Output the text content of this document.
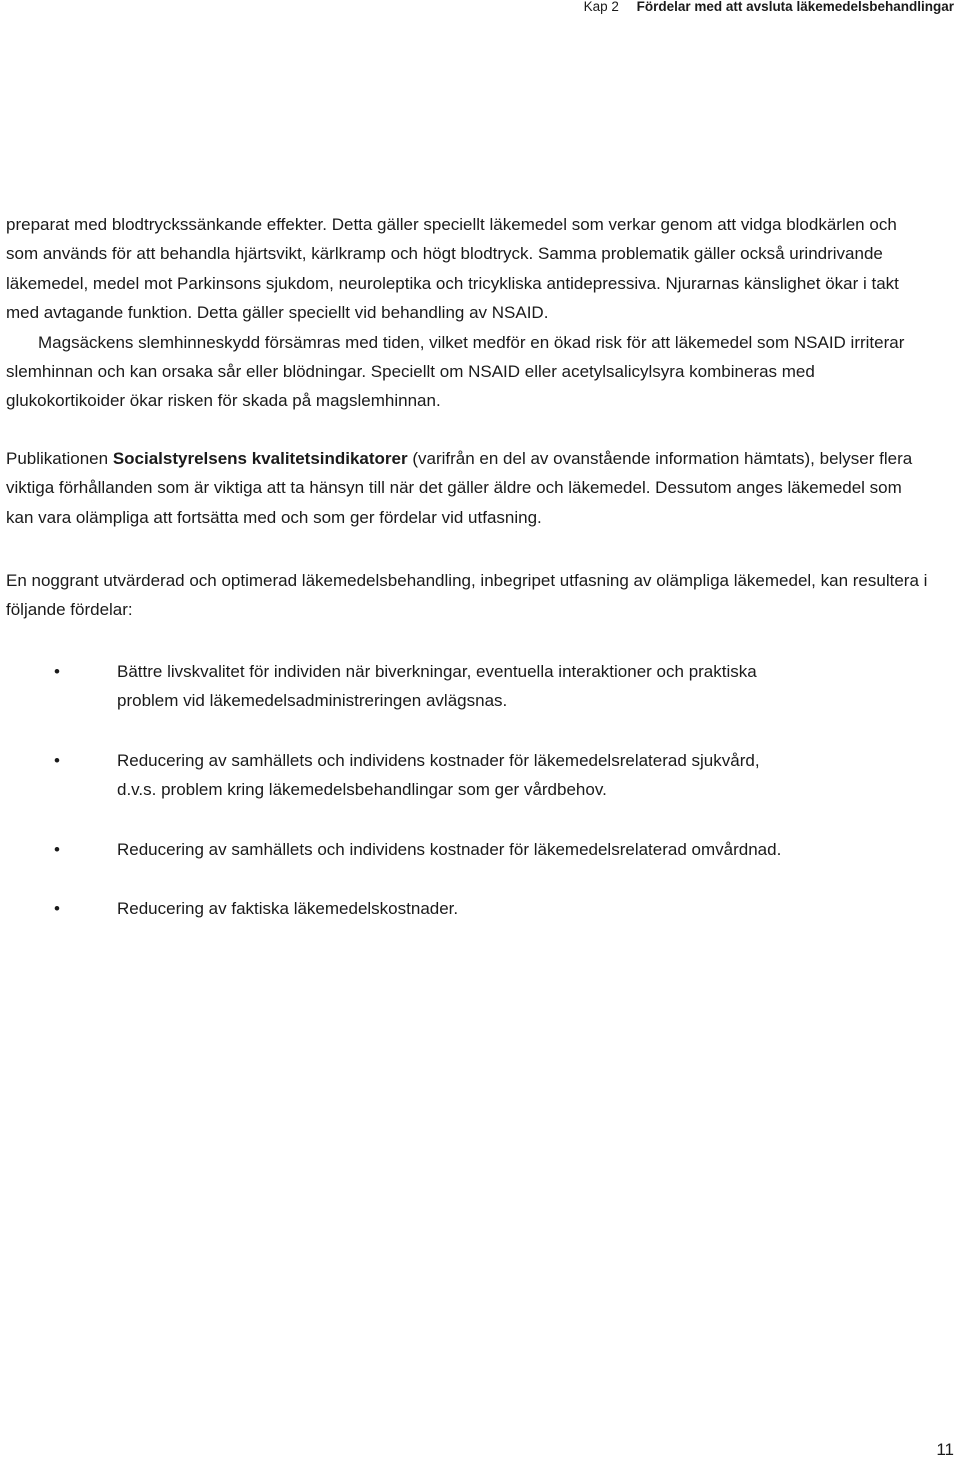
Kap 2 Fördelar med att avsluta läkemedelsbehandlingar

preparat med blodtryckssänkande effekter. Detta gäller speciellt läkemedel som verkar genom att vidga blodkärlen och som används för att behandla hjärtsvikt, kärlkramp och högt blodtryck. Samma problematik gäller också urindrivande läkemedel, medel mot Parkinsons sjukdom, neuroleptika och tricykliska antidepressiva. Njurarnas känslighet ökar i takt med avtagande funktion. Detta gäller speciellt vid behandling av NSAID.

Magsäckens slemhinneskydd försämras med tiden, vilket medför en ökad risk för att läkemedel som NSAID irriterar slemhinnan och kan orsaka sår eller blödningar. Speciellt om NSAID eller acetylsalicylsyra kombineras med glukokortikoider ökar risken för skada på magslemhinnan.

Publikationen Socialstyrelsens kvalitetsindikatorer (varifrån en del av ovanstående information hämtats), belyser flera viktiga förhållanden som är viktiga att ta hänsyn till när det gäller äldre och läkemedel. Dessutom anges läkemedel som kan vara olämpliga att fortsätta med och som ger fördelar vid utfasning.

En noggrant utvärderad och optimerad läkemedelsbehandling, inbegripet utfasning av olämpliga läkemedel, kan resultera i följande fördelar:

•	Bättre livskvalitet för individen när biverkningar, eventuella interaktioner och praktiska problem vid läkemedelsadministreringen avlägsnas.
•	Reducering av samhällets och individens kostnader för läkemedelsrelaterad sjukvård, d.v.s. problem kring läkemedelsbehandlingar som ger vårdbehov.
•	Reducering av samhällets och individens kostnader för läkemedelsrelaterad omvårdnad.
•	Reducering av faktiska läkemedelskostnader.
11
